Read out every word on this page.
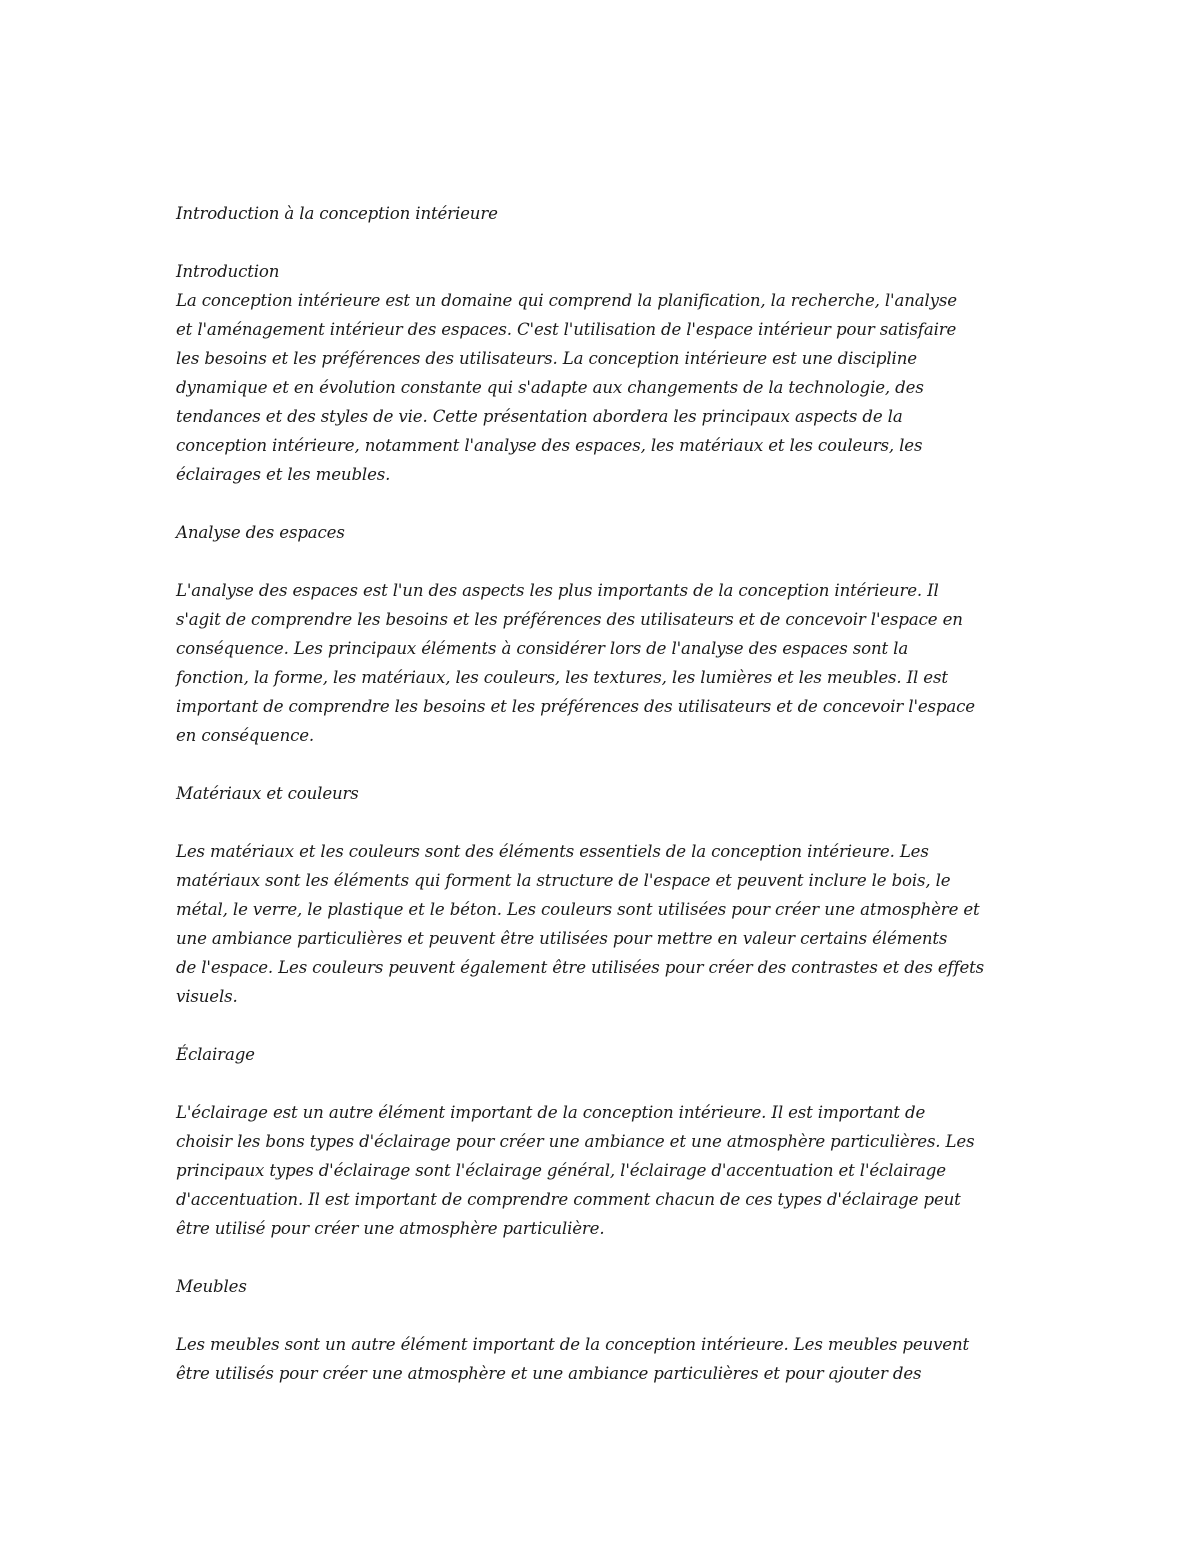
Introduction à la conception intérieure
Introduction
La conception intérieure est un domaine qui comprend la planification, la recherche, l'analyse
et l'aménagement intérieur des espaces. C'est l'utilisation de l'espace intérieur pour satisfaire
les besoins et les préférences des utilisateurs. La conception intérieure est une discipline
dynamique et en évolution constante qui s'adapte aux changements de la technologie, des
tendances et des styles de vie. Cette présentation abordera les principaux aspects de la
conception intérieure, notamment l'analyse des espaces, les matériaux et les couleurs, les
éclairages et les meubles.
Analyse des espaces
L'analyse des espaces est l'un des aspects les plus importants de la conception intérieure. Il
s'agit de comprendre les besoins et les préférences des utilisateurs et de concevoir l'espace en
conséquence. Les principaux éléments à considérer lors de l'analyse des espaces sont la
fonction, la forme, les matériaux, les couleurs, les textures, les lumières et les meubles. Il est
important de comprendre les besoins et les préférences des utilisateurs et de concevoir l'espace
en conséquence.
Matériaux et couleurs
Les matériaux et les couleurs sont des éléments essentiels de la conception intérieure. Les
matériaux sont les éléments qui forment la structure de l'espace et peuvent inclure le bois, le
métal, le verre, le plastique et le béton. Les couleurs sont utilisées pour créer une atmosphère et
une ambiance particulières et peuvent être utilisées pour mettre en valeur certains éléments
de l'espace. Les couleurs peuvent également être utilisées pour créer des contrastes et des effets
visuels.
Éclairage
L'éclairage est un autre élément important de la conception intérieure. Il est important de
choisir les bons types d'éclairage pour créer une ambiance et une atmosphère particulières. Les
principaux types d'éclairage sont l'éclairage général, l'éclairage d'accentuation et l'éclairage
d'accentuation. Il est important de comprendre comment chacun de ces types d'éclairage peut
être utilisé pour créer une atmosphère particulière.
Meubles
Les meubles sont un autre élément important de la conception intérieure. Les meubles peuvent
être utilisés pour créer une atmosphère et une ambiance particulières et pour ajouter des
